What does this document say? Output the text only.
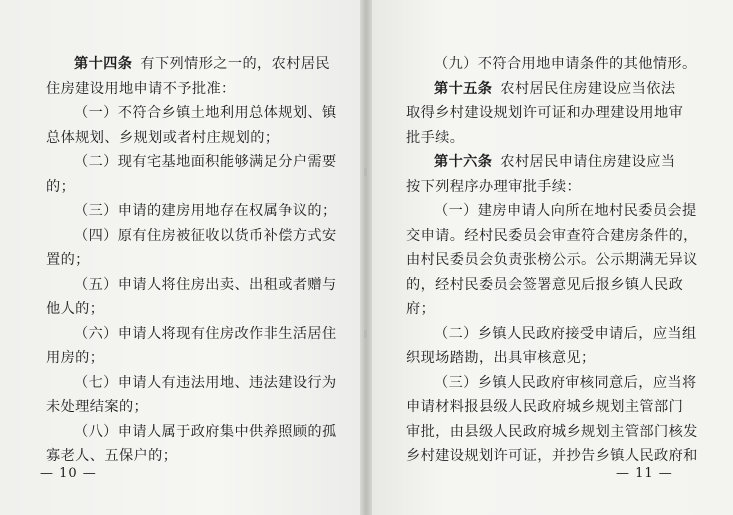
第十四条 有下列情形之一的，农村居民
住房建设用地申请不予批准：
（一）不符合乡镇土地利用总体规划、镇
总体规划、乡规划或者村庄规划的；
（二）现有宅基地面积能够满足分户需要
的；
（三）申请的建房用地存在权属争议的；
（四）原有住房被征收以货币补偿方式安
置的；
（五）申请人将住房出卖、出租或者赠与
他人的；
（六）申请人将现有住房改作非生活居住
用房的；
（七）申请人有违法用地、违法建设行为
未处理结案的；
（八）申请人属于政府集中供养照顾的孤
寡老人、五保户的；
— 10 —
（九）不符合用地申请条件的其他情形。
第十五条 农村居民住房建设应当依法
取得乡村建设规划许可证和办理建设用地审
批手续。
第十六条 农村居民申请住房建设应当
按下列程序办理审批手续：
（一）建房申请人向所在地村民委员会提
交申请。经村民委员会审查符合建房条件的，
由村民委员会负责张榜公示。公示期满无异议
的，经村民委员会签署意见后报乡镇人民政
府；
（二）乡镇人民政府接受申请后，应当组
织现场踏勘，出具审核意见；
（三）乡镇人民政府审核同意后，应当将
申请材料报县级人民政府城乡规划主管部门
审批，由县级人民政府城乡规划主管部门核发
乡村建设规划许可证，并抄告乡镇人民政府和
— 11 —
